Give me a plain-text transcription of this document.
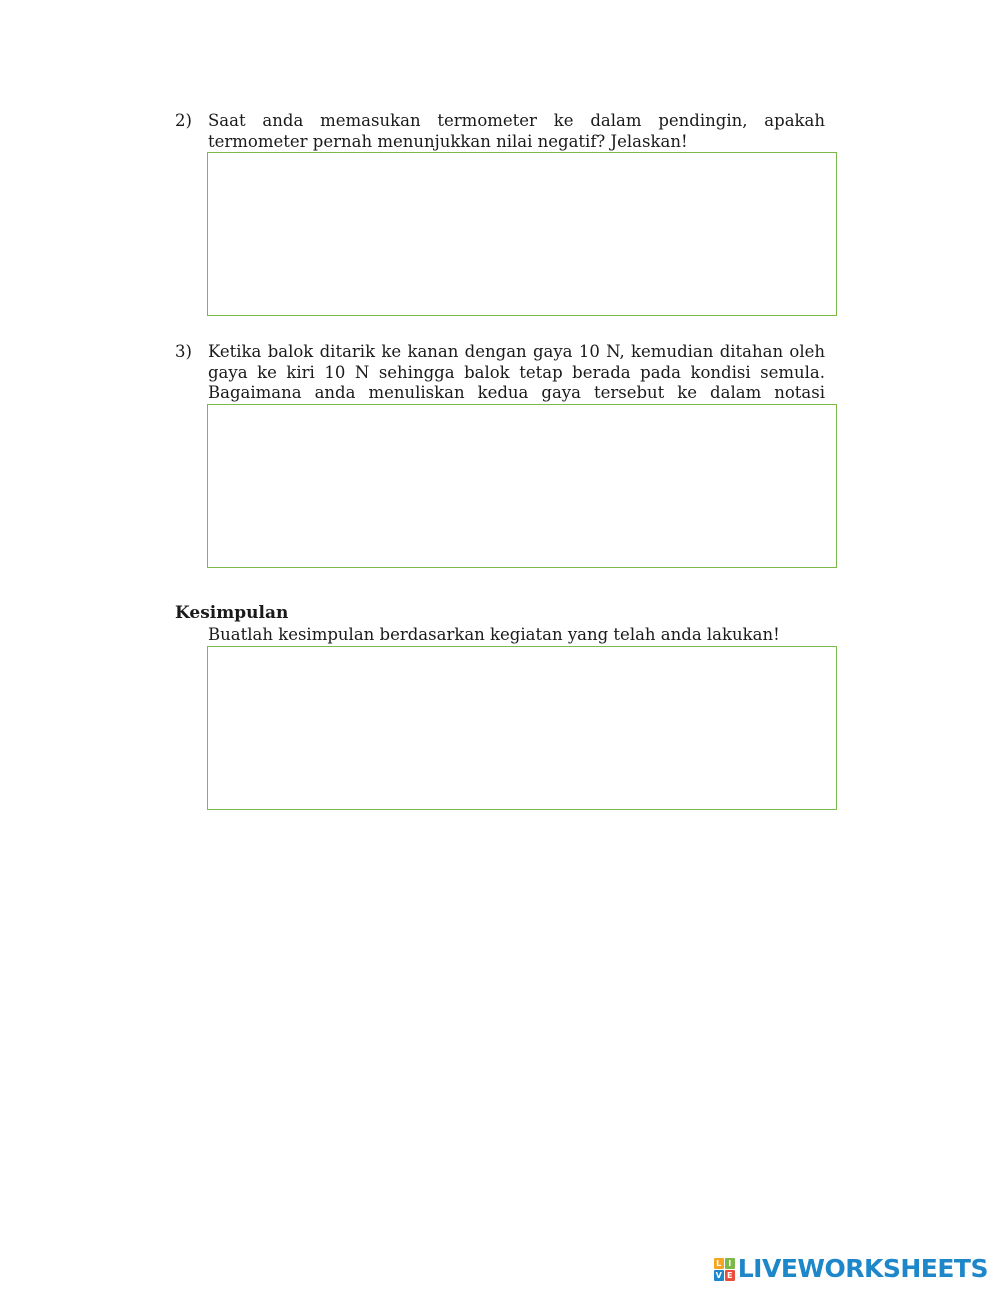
2) Saat anda memasukan termometer ke dalam pendingin, apakah termometer pernah menunjukkan nilai negatif? Jelaskan!
3) Ketika balok ditarik ke kanan dengan gaya 10 N, kemudian ditahan oleh gaya ke kiri 10 N sehingga balok tetap berada pada kondisi semula. Bagaimana anda menuliskan kedua gaya tersebut ke dalam notasi
Kesimpulan
Buatlah kesimpulan berdasarkan kegiatan yang telah anda lakukan!
L I
V E LIVEWORKSHEETS
